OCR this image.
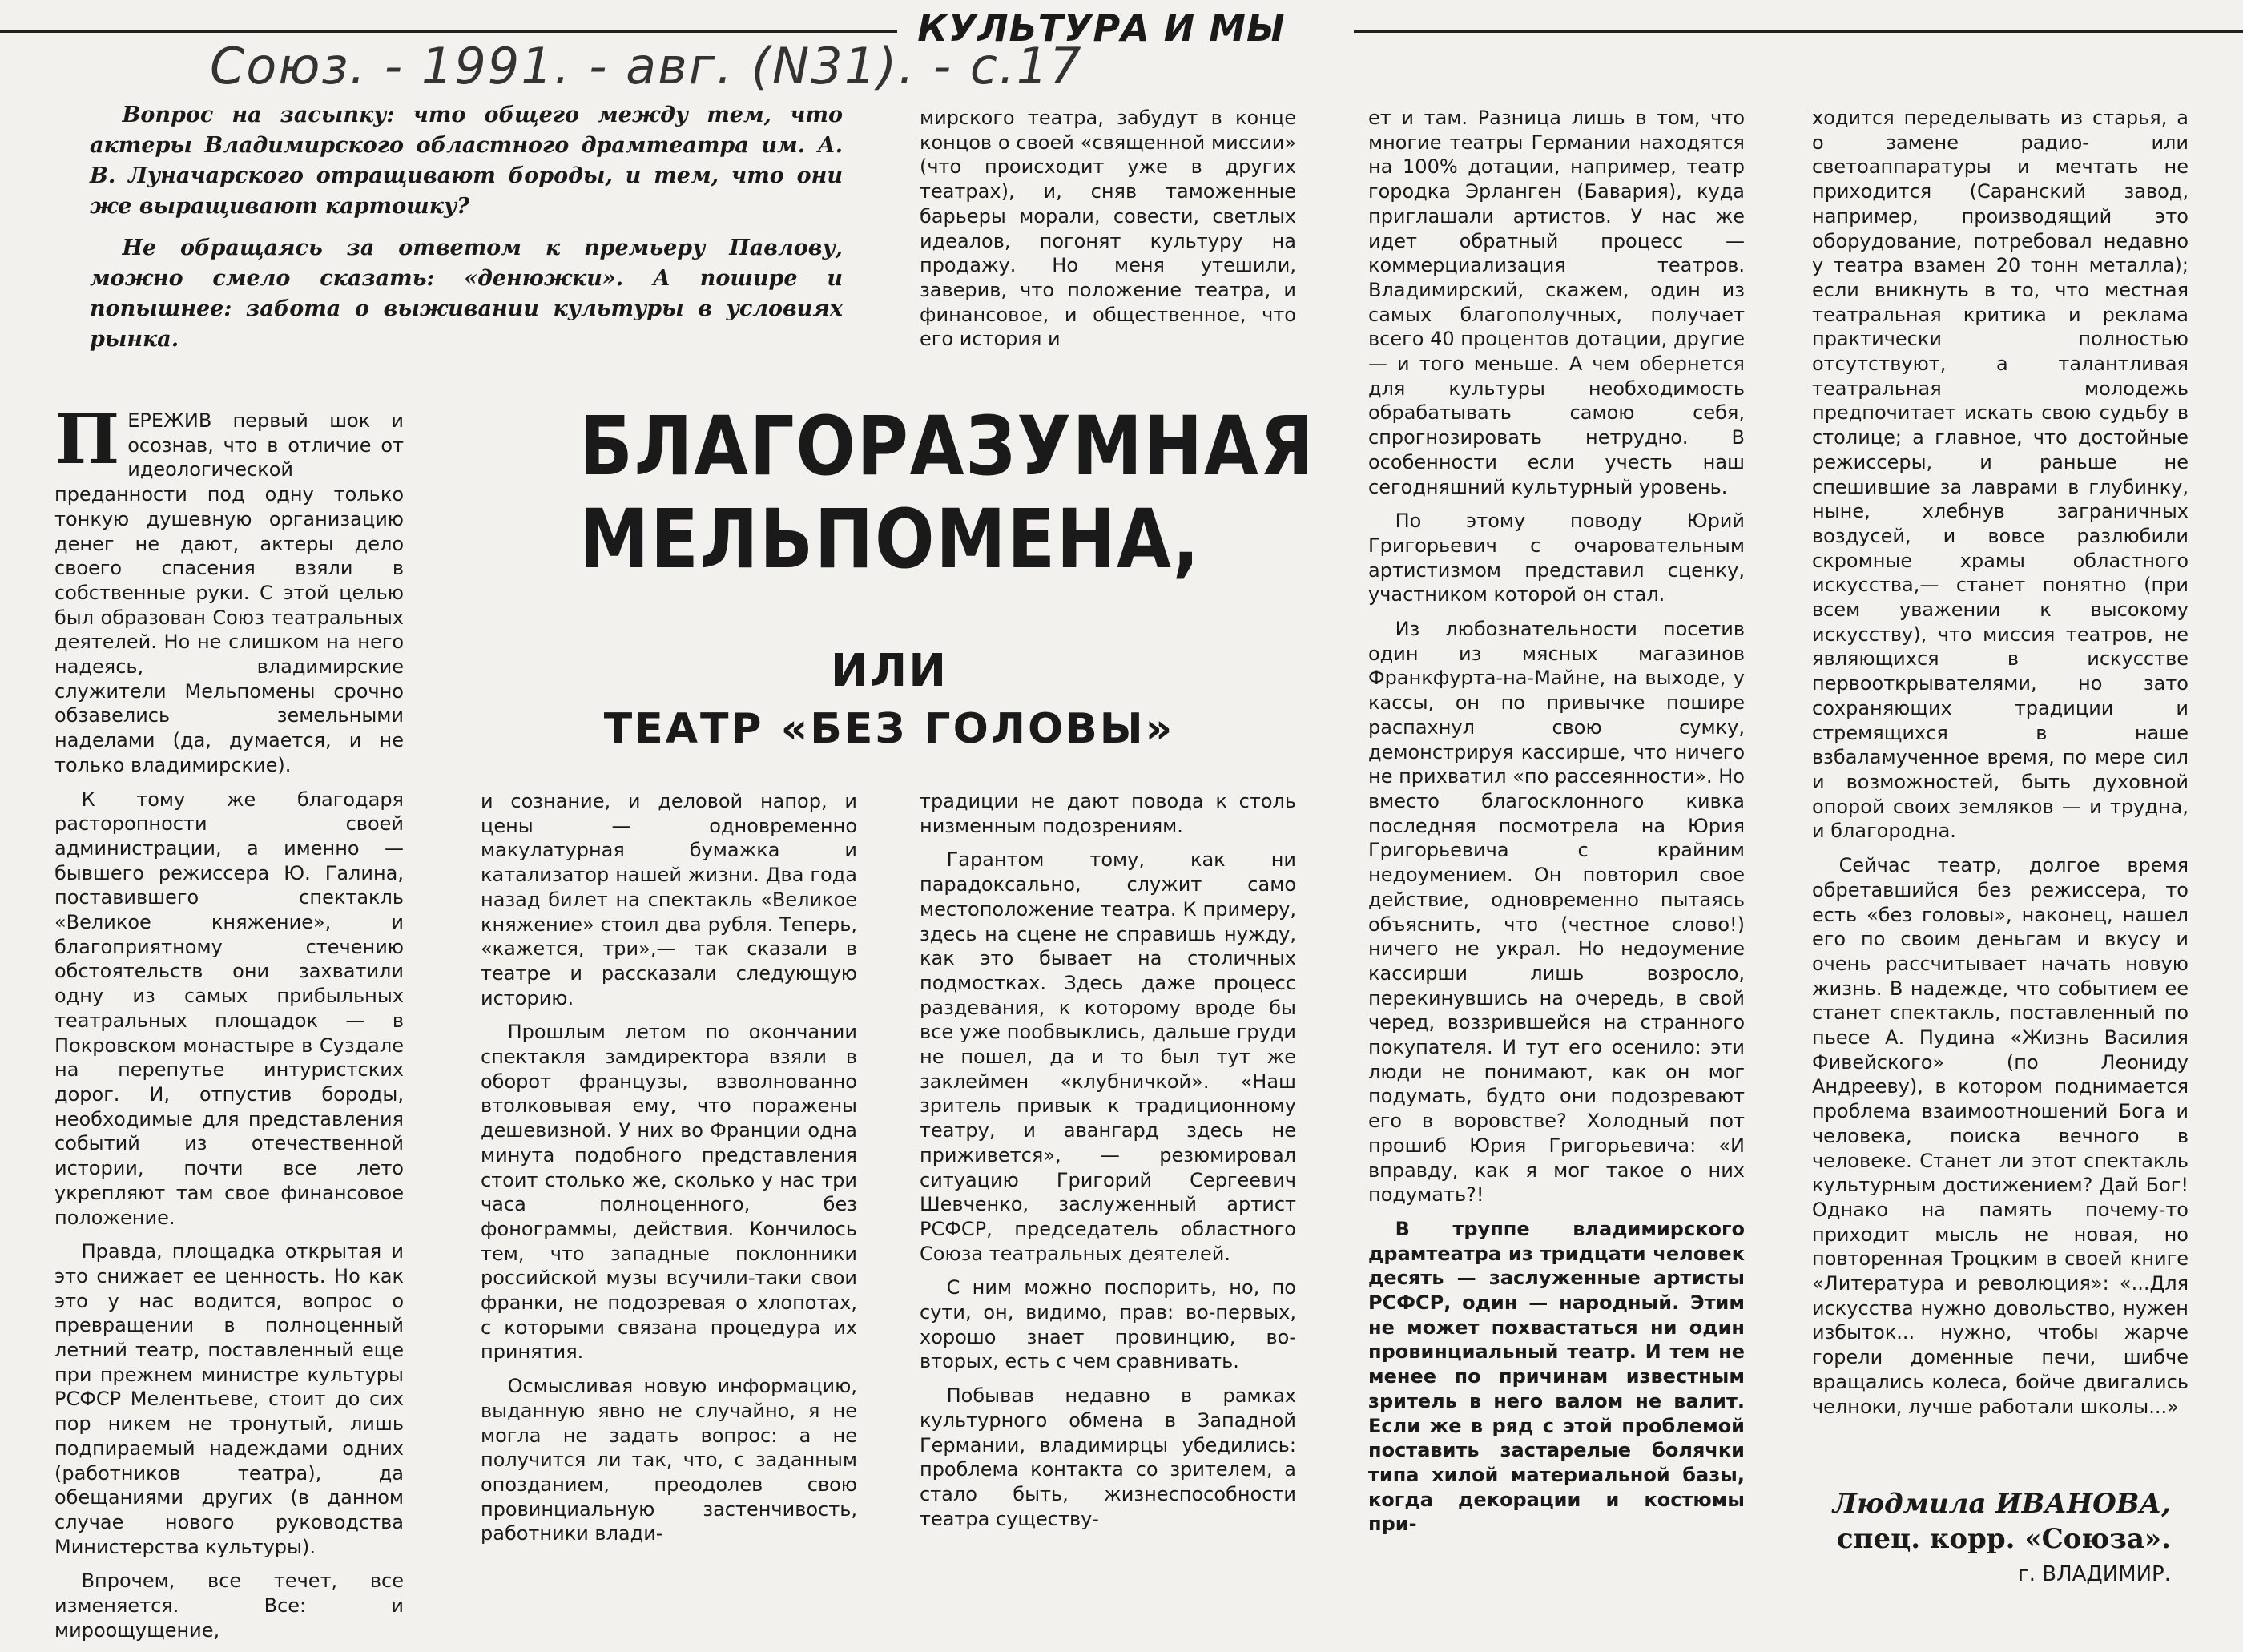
КУЛЬТУРА И МЫ
Союз. - 1991. - авг. (N31). - с.17

Вопрос на засыпку: что общего между тем, что актеры Владимирского областного драмтеатра им. А. В. Луначарского отращивают бороды, и тем, что они же выращивают картошку?

Не обращаясь за ответом к премьеру Павлову, можно смело сказать: «денюжки». А пошире и попышнее: забота о выживании культуры в условиях рынка.

БЛАГОРАЗУМНАЯ
МЕЛЬПОМЕНА,
ИЛИ
ТЕАТР «БЕЗ ГОЛОВЫ»

ПЕРЕЖИВ первый шок и осознав, что в отличие от идеологической преданности под одну только тонкую душевную организацию денег не дают, актеры дело своего спасения взяли в собственные руки. С этой целью был образован Союз театральных деятелей. Но не слишком на него надеясь, владимирские служители Мельпомены срочно обзавелись земельными наделами (да, думается, и не только владимирские).

К тому же благодаря расторопности своей администрации, а именно — бывшего режиссера Ю. Галина, поставившего спектакль «Великое княжение», и благоприятному стечению обстоятельств они захватили одну из самых прибыльных театральных площадок — в Покровском монастыре в Суздале на перепутье интуристских дорог. И, отпустив бороды, необходимые для представления событий из отечественной истории, почти все лето укрепляют там свое финансовое положение.

Правда, площадка открытая и это снижает ее ценность. Но как это у нас водится, вопрос о превращении в полноценный летний театр, поставленный еще при прежнем министре культуры РСФСР Мелентьеве, стоит до сих пор никем не тронутый, лишь подпираемый надеждами одних (работников театра), да обещаниями других (в данном случае нового руководства Министерства культуры).

Впрочем, все течет, все изменяется. Все: и мироощущение,

и сознание, и деловой напор, и цены — одновременно макулатурная бумажка и катализатор нашей жизни. Два года назад билет на спектакль «Великое княжение» стоил два рубля. Теперь, «кажется, три»,— так сказали в театре и рассказали следующую историю.

Прошлым летом по окончании спектакля замдиректора взяли в оборот французы, взволнованно втолковывая ему, что поражены дешевизной. У них во Франции одна минута подобного представления стоит столько же, сколько у нас три часа полноценного, без фонограммы, действия. Кончилось тем, что западные поклонники российской музы всучили-таки свои франки, не подозревая о хлопотах, с которыми связана процедура их принятия.

Осмысливая новую информацию, выданную явно не случайно, я не могла не задать вопрос: а не получится ли так, что, с заданным опозданием, преодолев свою провинциальную застенчивость, работники влади-

мирского театра, забудут в конце концов о своей «священной миссии» (что происходит уже в других театрах), и, сняв таможенные барьеры морали, совести, светлых идеалов, погонят культуру на продажу. Но меня утешили, заверив, что положение театра, и финансовое, и общественное, что его история и

традиции не дают повода к столь низменным подозрениям.

Гарантом тому, как ни парадоксально, служит само местоположение театра. К примеру, здесь на сцене не справишь нужду, как это бывает на столичных подмостках. Здесь даже процесс раздевания, к которому вроде бы все уже пообвыклись, дальше груди не пошел, да и то был тут же заклеймен «клубничкой». «Наш зритель привык к традиционному театру, и авангард здесь не приживется», — резюмировал ситуацию Григорий Сергеевич Шевченко, заслуженный артист РСФСР, председатель областного Союза театральных деятелей.

С ним можно поспорить, но, по сути, он, видимо, прав: во-первых, хорошо знает провинцию, во-вторых, есть с чем сравнивать.

Побывав недавно в рамках культурного обмена в Западной Германии, владимирцы убедились: проблема контакта со зрителем, а стало быть, жизнеспособности театра существу-

ет и там. Разница лишь в том, что многие театры Германии находятся на 100% дотации, например, театр городка Эрланген (Бавария), куда приглашали артистов. У нас же идет обратный процесс — коммерциализация театров. Владимирский, скажем, один из самых благополучных, получает всего 40 процентов дотации, другие — и того меньше. А чем обернется для культуры необходимость обрабатывать самою себя, спрогнозировать нетрудно. В особенности если учесть наш сегодняшний культурный уровень.

По этому поводу Юрий Григорьевич с очаровательным артистизмом представил сценку, участником которой он стал.

Из любознательности посетив один из мясных магазинов Франкфурта-на-Майне, на выходе, у кассы, он по привычке пошире распахнул свою сумку, демонстрируя кассирше, что ничего не прихватил «по рассеянности». Но вместо благосклонного кивка последняя посмотрела на Юрия Григорьевича с крайним недоумением. Он повторил свое действие, одновременно пытаясь объяснить, что (честное слово!) ничего не украл. Но недоумение кассирши лишь возросло, перекинувшись на очередь, в свой черед, воззрившейся на странного покупателя. И тут его осенило: эти люди не понимают, как он мог подумать, будто они подозревают его в воровстве? Холодный пот прошиб Юрия Григорьевича: «И вправду, как я мог такое о них подумать?!

В труппе владимирского драмтеатра из тридцати человек десять — заслуженные артисты РСФСР, один — народный. Этим не может похвастаться ни один провинциальный театр. И тем не менее по причинам известным зритель в него валом не валит. Если же в ряд с этой проблемой поставить застарелые болячки типа хилой материальной базы, когда декорации и костюмы при-

ходится переделывать из старья, а о замене радио- или светоаппаратуры и мечтать не приходится (Саранский завод, например, производящий это оборудование, потребовал недавно у театра взамен 20 тонн металла); если вникнуть в то, что местная театральная критика и реклама практически полностью отсутствуют, а талантливая театральная молодежь предпочитает искать свою судьбу в столице; а главное, что достойные режиссеры, и раньше не спешившие за лаврами в глубинку, ныне, хлебнув заграничных воздусей, и вовсе разлюбили скромные храмы областного искусства,— станет понятно (при всем уважении к высокому искусству), что миссия театров, не являющихся в искусстве первооткрывателями, но зато сохраняющих традиции и стремящихся в наше взбаламученное время, по мере сил и возможностей, быть духовной опорой своих земляков — и трудна, и благородна.

Сейчас театр, долгое время обретавшийся без режиссера, то есть «без головы», наконец, нашел его по своим деньгам и вкусу и очень рассчитывает начать новую жизнь. В надежде, что событием ее станет спектакль, поставленный по пьесе А. Пудина «Жизнь Василия Фивейского» (по Леониду Андрееву), в котором поднимается проблема взаимоотношений Бога и человека, поиска вечного в человеке. Станет ли этот спектакль культурным достижением? Дай Бог! Однако на память почему-то приходит мысль не новая, но повторенная Троцким в своей книге «Литература и революция»: «...Для искусства нужно довольство, нужен избыток... нужно, чтобы жарче горели доменные печи, шибче вращались колеса, бойче двигались челноки, лучше работали школы...»

Людмила ИВАНОВА,
спец. корр. «Союза».
г. ВЛАДИМИР.
